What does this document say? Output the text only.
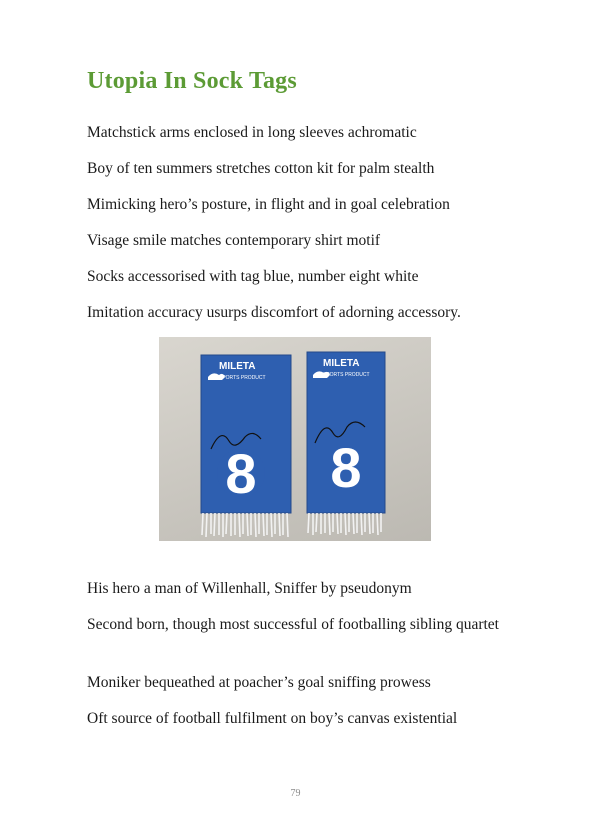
Utopia In Sock Tags

Matchstick arms enclosed in long sleeves achromatic

Boy of ten summers stretches cotton kit for palm stealth

Mimicking hero’s posture, in flight and in goal celebration

Visage smile matches contemporary shirt motif

Socks accessorised with tag blue, number eight white

Imitation accuracy usurps discomfort of adorning accessory.

MILETA
SPORTS PRODUCT
8
MILETA
SPORTS PRODUCT
8

His hero a man of Willenhall, Sniffer by pseudonym

Second born, though most successful of footballing sibling quartet

Moniker bequeathed at poacher’s goal sniffing prowess

Oft source of football fulfilment on boy’s canvas existential

79
